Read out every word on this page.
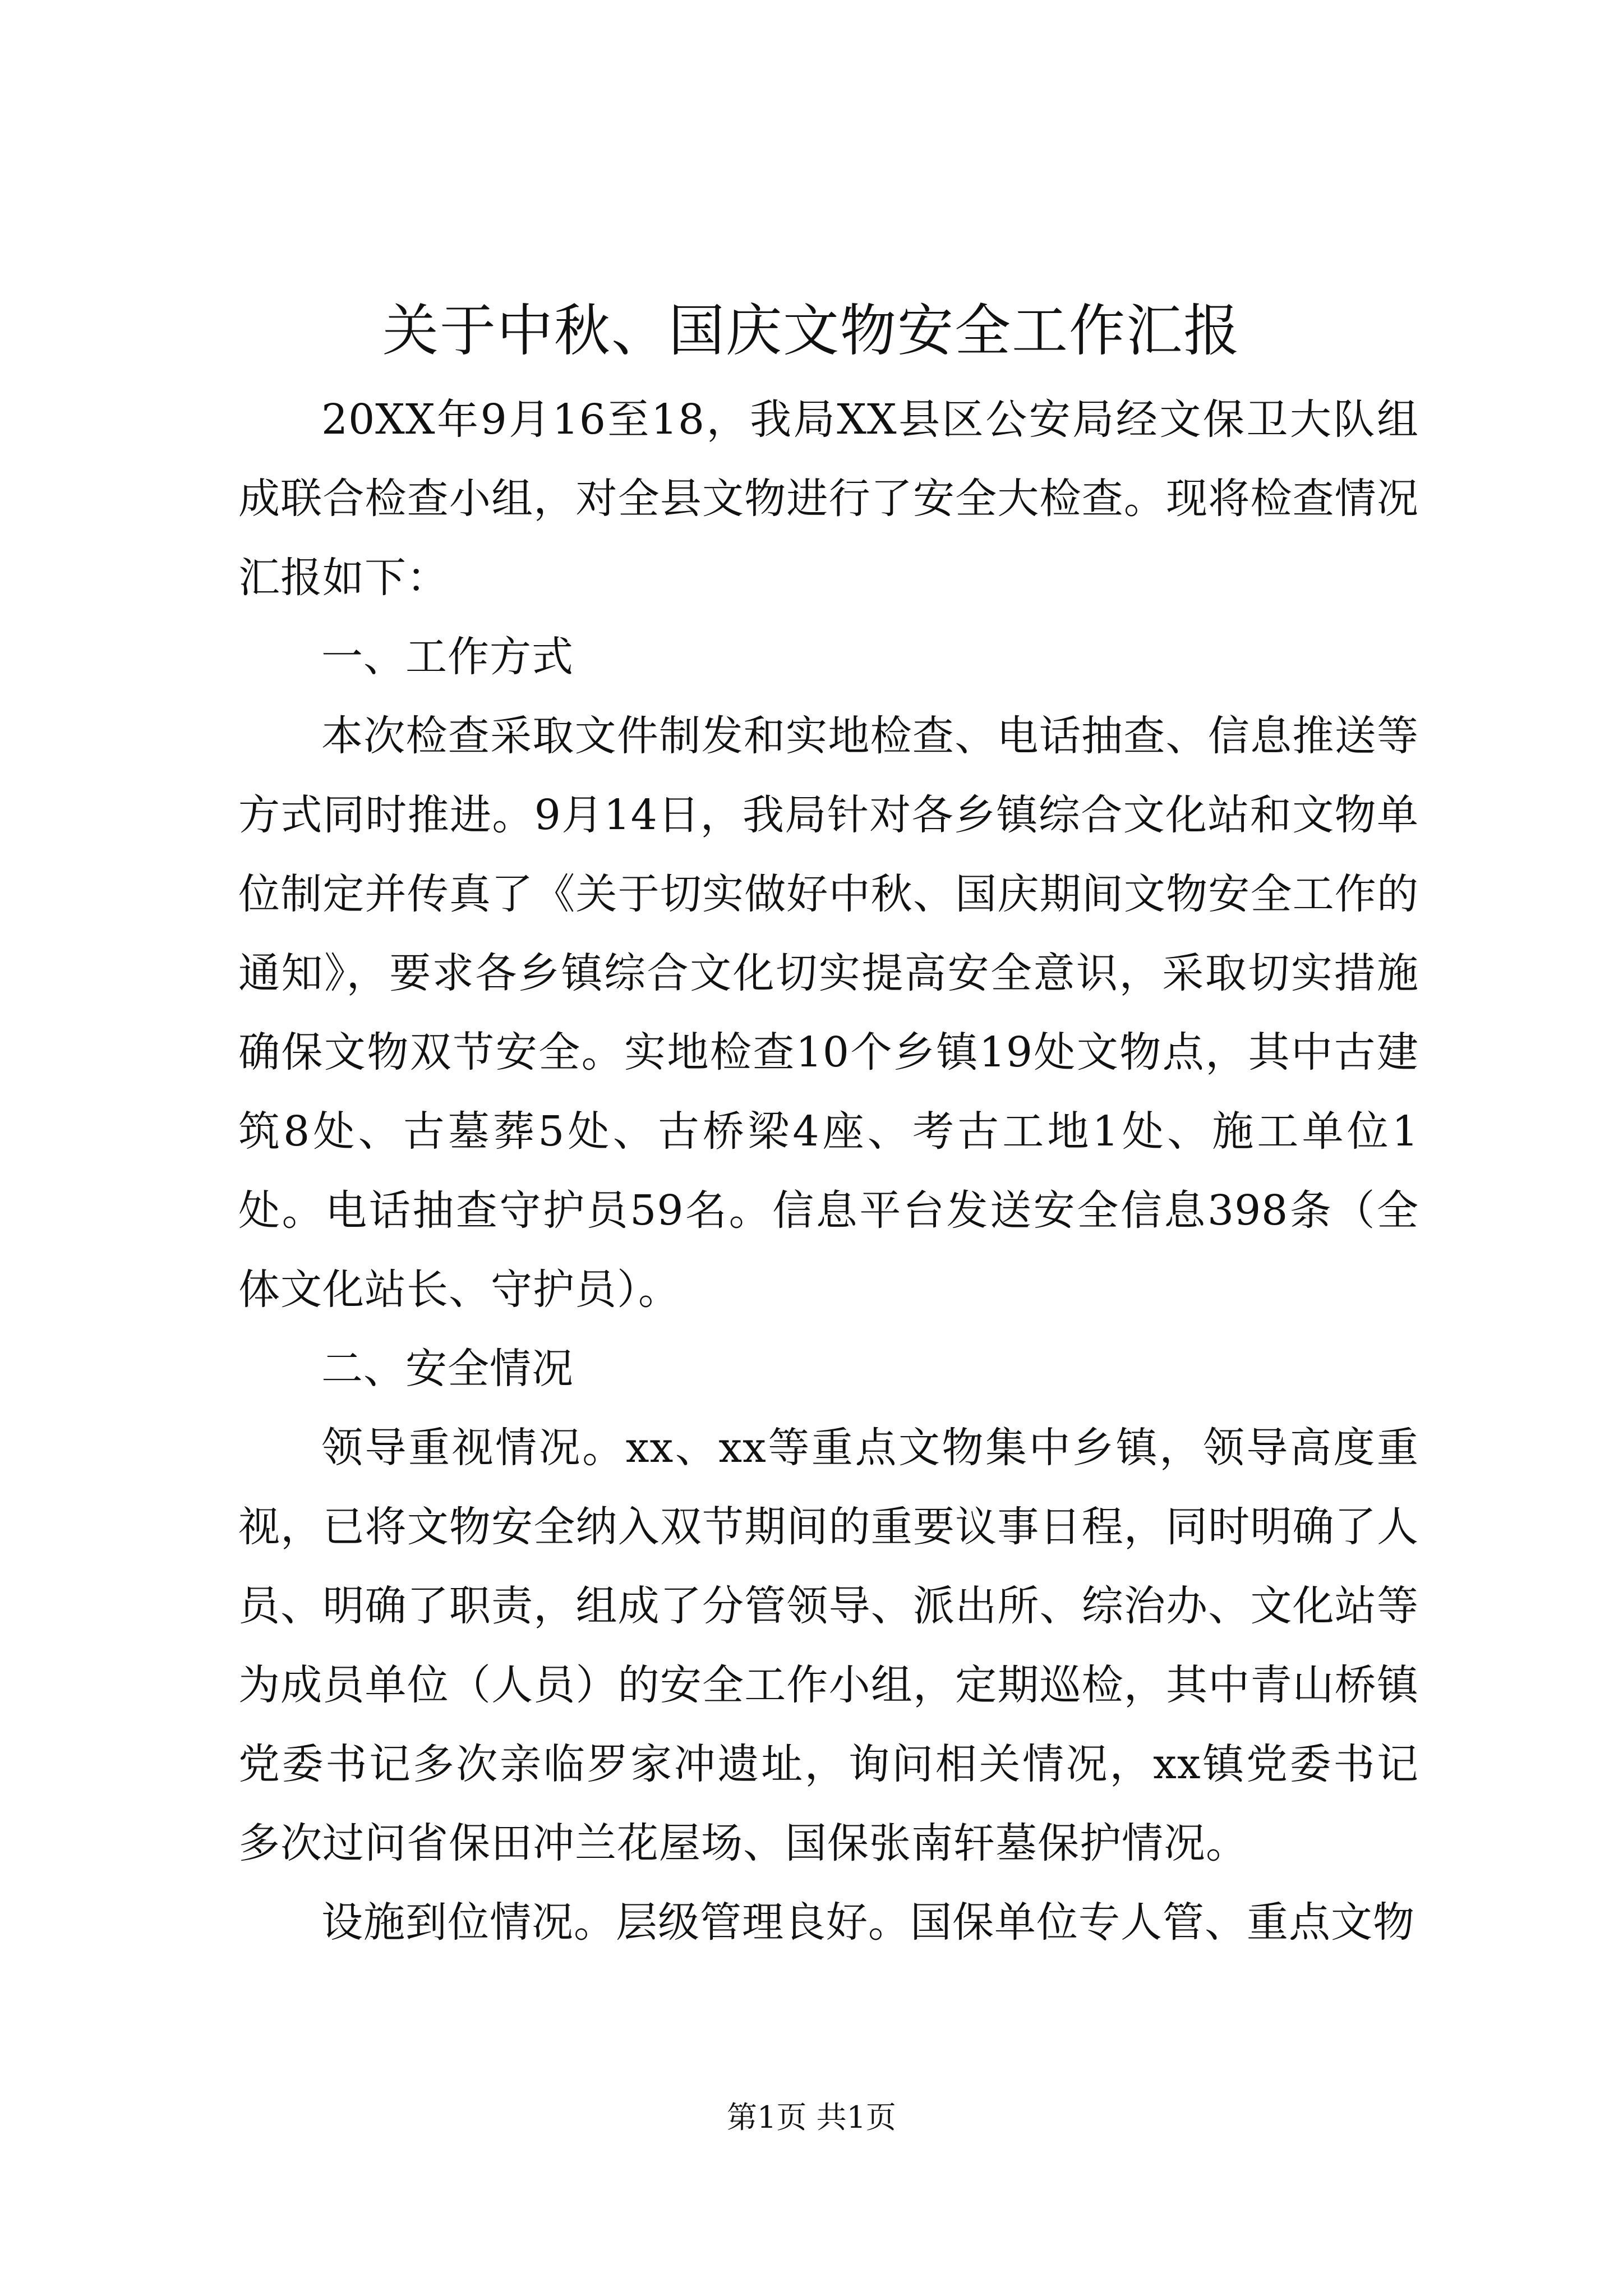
关于中秋、国庆文物安全工作汇报

20XX年9月16至18，我局XX县区公安局经文保卫大队组成联合检查小组，对全县文物进行了安全大检查。现将检查情况汇报如下：

一、工作方式

本次检查采取文件制发和实地检查、电话抽查、信息推送等方式同时推进。9月14日，我局针对各乡镇综合文化站和文物单位制定并传真了《关于切实做好中秋、国庆期间文物安全工作的通知》，要求各乡镇综合文化切实提高安全意识，采取切实措施确保文物双节安全。实地检查10个乡镇19处文物点，其中古建筑8处、古墓葬5处、古桥梁4座、考古工地1处、施工单位1处。电话抽查守护员59名。信息平台发送安全信息398条（全体文化站长、守护员）。

二、安全情况

领导重视情况。xx、xx等重点文物集中乡镇，领导高度重视，已将文物安全纳入双节期间的重要议事日程，同时明确了人员、明确了职责，组成了分管领导、派出所、综治办、文化站等为成员单位（人员）的安全工作小组，定期巡检，其中青山桥镇党委书记多次亲临罗家冲遗址，询问相关情况，xx镇党委书记多次过问省保田冲兰花屋场、国保张南轩墓保护情况。

设施到位情况。层级管理良好。国保单位专人管、重点文物

第1页 共1页
